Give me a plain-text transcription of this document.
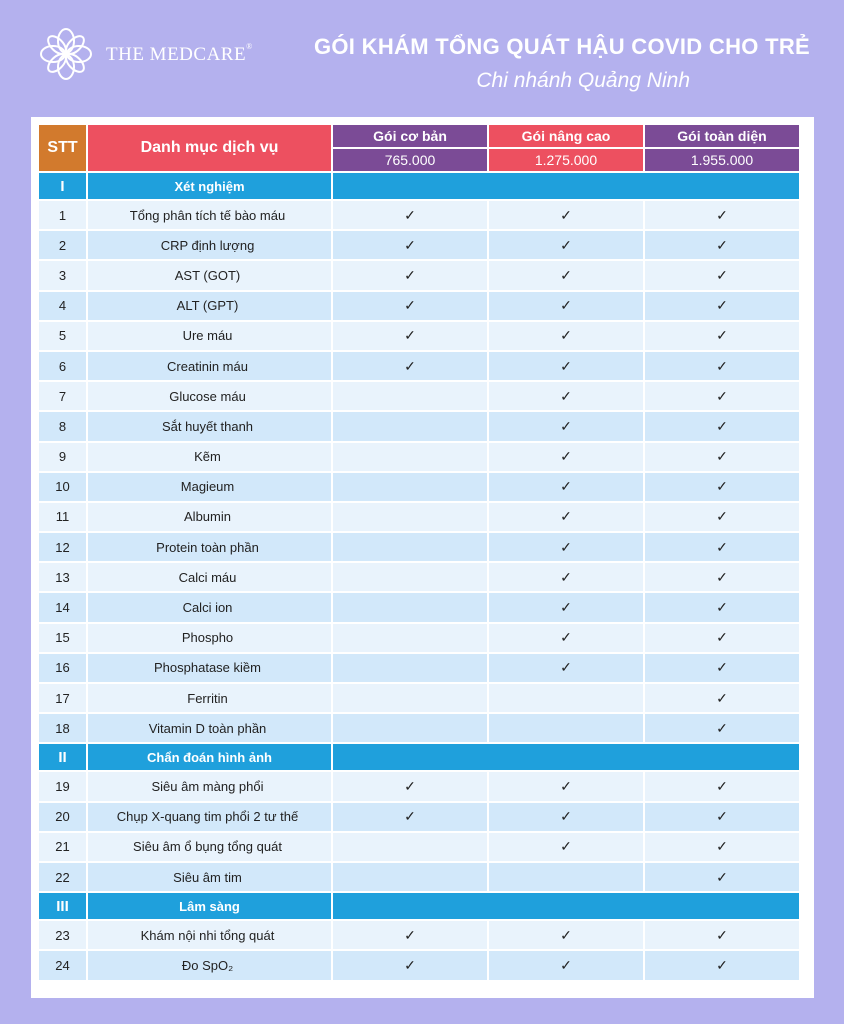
THE MEDCARE®	GÓI KHÁM TỔNG QUÁT HẬU COVID CHO TRẺ
Chi nhánh Quảng Ninh
STT	Danh mục dịch vụ	Gói cơ bản	Gói nâng cao	Gói toàn diện
		765.000	1.275.000	1.955.000
I	Xét nghiệm			
1	Tổng phân tích tế bào máu	✓	✓	✓
2	CRP định lượng	✓	✓	✓
3	AST (GOT)	✓	✓	✓
4	ALT (GPT)	✓	✓	✓
5	Ure máu	✓	✓	✓
6	Creatinin máu	✓	✓	✓
7	Glucose máu		✓	✓
8	Sắt huyết thanh		✓	✓
9	Kẽm		✓	✓
10	Magieum		✓	✓
11	Albumin		✓	✓
12	Protein toàn phần		✓	✓
13	Calci máu		✓	✓
14	Calci ion		✓	✓
15	Phospho		✓	✓
16	Phosphatase kiềm		✓	✓
17	Ferritin			✓
18	Vitamin D toàn phần			✓
II	Chẩn đoán hình ảnh			
19	Siêu âm màng phổi	✓	✓	✓
20	Chụp X-quang tim phổi 2 tư thế	✓	✓	✓
21	Siêu âm ổ bụng tổng quát		✓	✓
22	Siêu âm tim			✓
III	Lâm sàng			
23	Khám nội nhi tổng quát	✓	✓	✓
24	Đo SpO₂	✓	✓	✓
